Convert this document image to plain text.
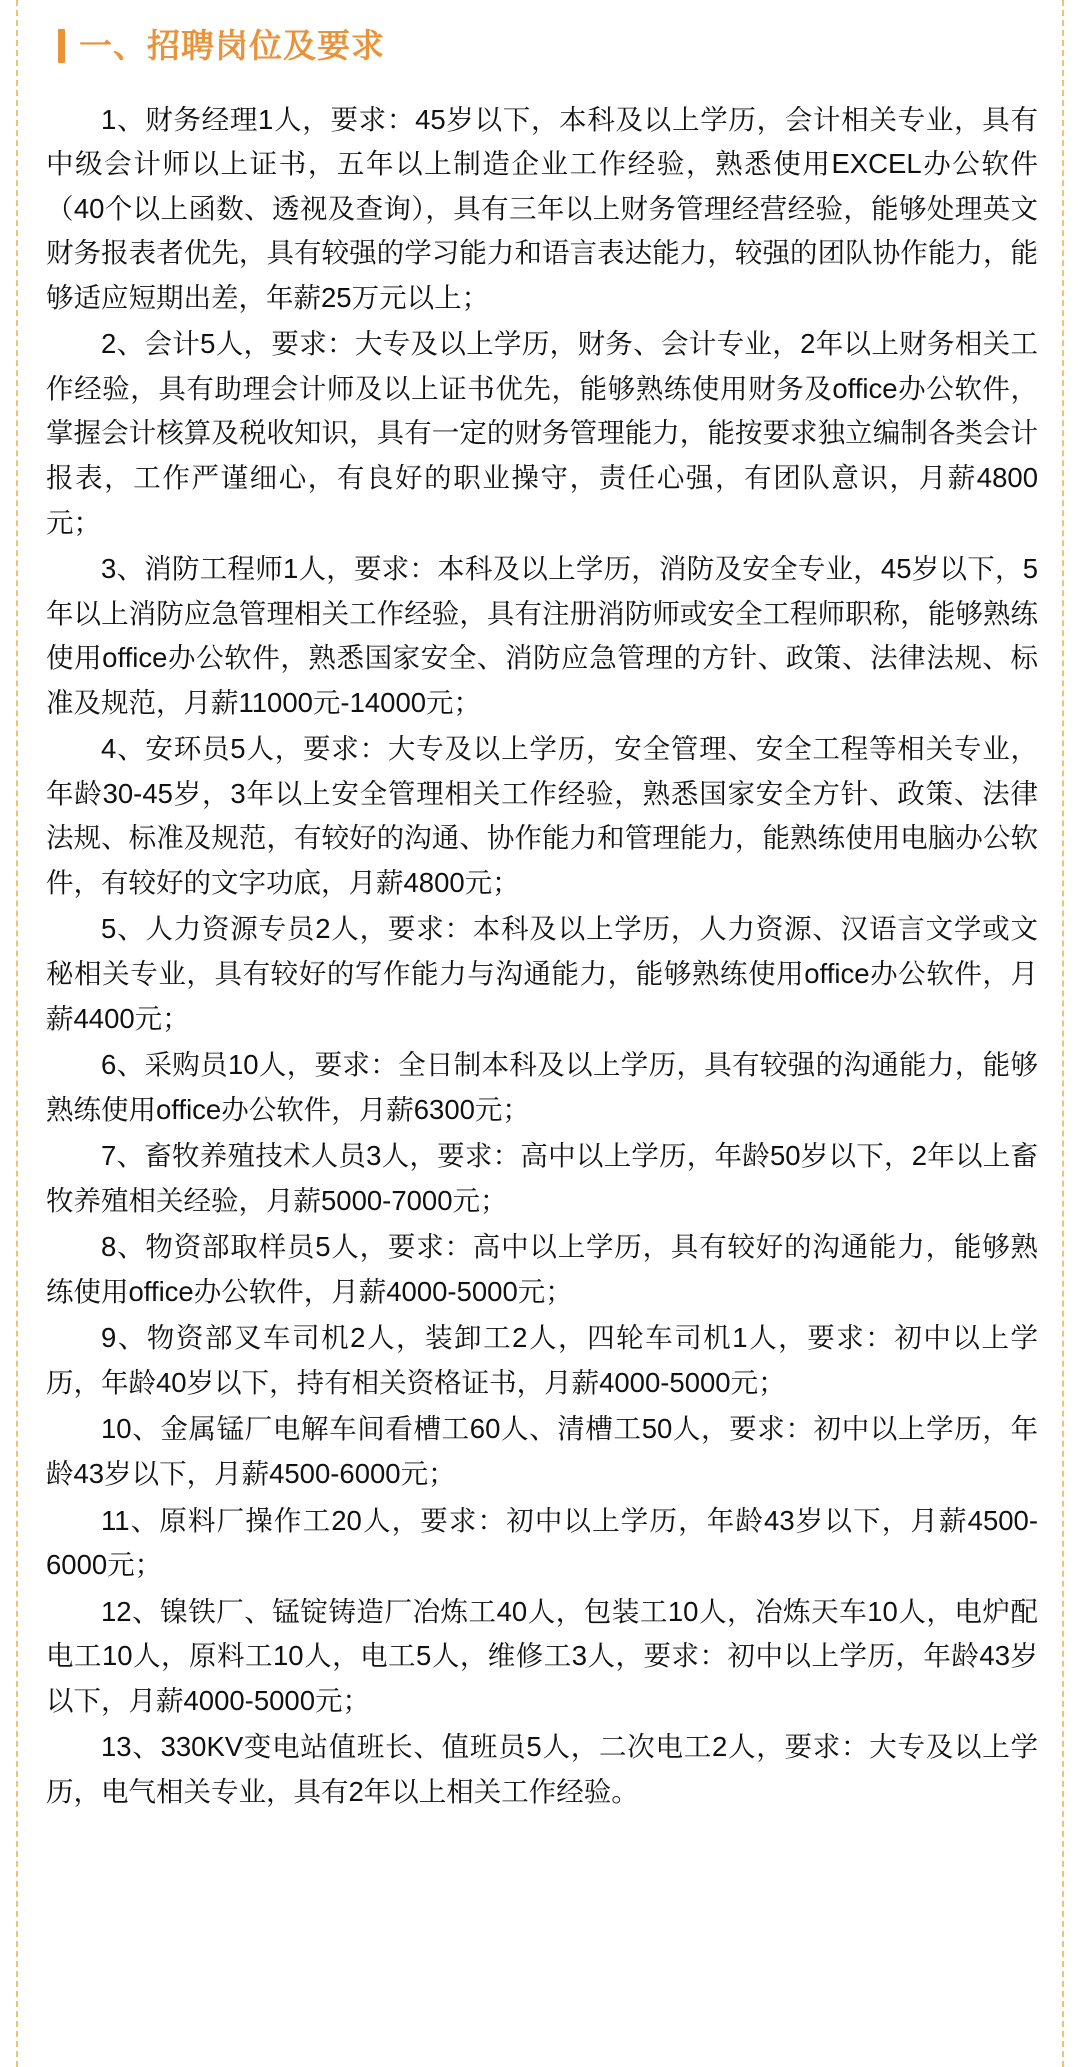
一、招聘岗位及要求

1、财务经理1人，要求：45岁以下，本科及以上学历，会计相关专业，具有中级会计师以上证书，五年以上制造企业工作经验，熟悉使用EXCEL办公软件（40个以上函数、透视及查询），具有三年以上财务管理经营经验，能够处理英文财务报表者优先，具有较强的学习能力和语言表达能力，较强的团队协作能力，能够适应短期出差，年薪25万元以上；

2、会计5人，要求：大专及以上学历，财务、会计专业，2年以上财务相关工作经验，具有助理会计师及以上证书优先，能够熟练使用财务及office办公软件，掌握会计核算及税收知识，具有一定的财务管理能力，能按要求独立编制各类会计报表，工作严谨细心，有良好的职业操守，责任心强，有团队意识，月薪4800元；

3、消防工程师1人，要求：本科及以上学历，消防及安全专业，45岁以下，5年以上消防应急管理相关工作经验，具有注册消防师或安全工程师职称，能够熟练使用office办公软件，熟悉国家安全、消防应急管理的方针、政策、法律法规、标准及规范，月薪11000元-14000元；

4、安环员5人，要求：大专及以上学历，安全管理、安全工程等相关专业，年龄30-45岁，3年以上安全管理相关工作经验，熟悉国家安全方针、政策、法律法规、标准及规范，有较好的沟通、协作能力和管理能力，能熟练使用电脑办公软件，有较好的文字功底，月薪4800元；

5、人力资源专员2人，要求：本科及以上学历，人力资源、汉语言文学或文秘相关专业，具有较好的写作能力与沟通能力，能够熟练使用office办公软件，月薪4400元；

6、采购员10人，要求：全日制本科及以上学历，具有较强的沟通能力，能够熟练使用office办公软件，月薪6300元；

7、畜牧养殖技术人员3人，要求：高中以上学历，年龄50岁以下，2年以上畜牧养殖相关经验，月薪5000-7000元；

8、物资部取样员5人，要求：高中以上学历，具有较好的沟通能力，能够熟练使用office办公软件，月薪4000-5000元；

9、物资部叉车司机2人，装卸工2人，四轮车司机1人，要求：初中以上学历，年龄40岁以下，持有相关资格证书，月薪4000-5000元；

10、金属锰厂电解车间看槽工60人、清槽工50人，要求：初中以上学历，年龄43岁以下，月薪4500-6000元；

11、原料厂操作工20人，要求：初中以上学历，年龄43岁以下，月薪4500-6000元；

12、镍铁厂、锰锭铸造厂冶炼工40人，包装工10人，冶炼天车10人，电炉配电工10人，原料工10人，电工5人，维修工3人，要求：初中以上学历，年龄43岁以下，月薪4000-5000元；

13、330KV变电站值班长、值班员5人，二次电工2人，要求：大专及以上学历，电气相关专业，具有2年以上相关工作经验。
